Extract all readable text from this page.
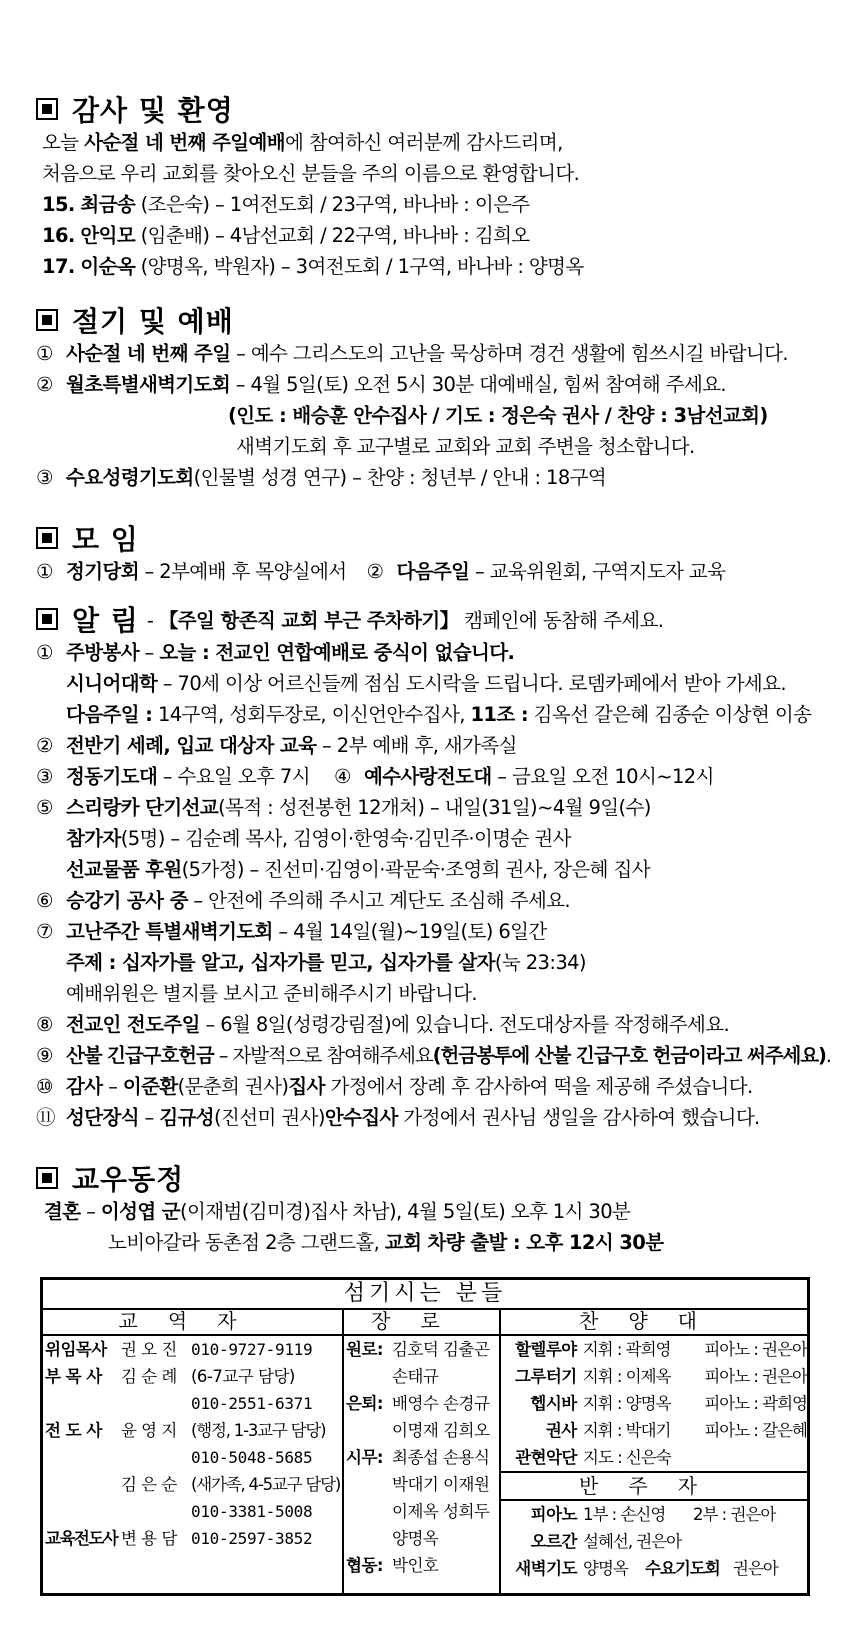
감사 및 환영
오늘 사순절 네 번째 주일예배에 참여하신 여러분께 감사드리며,
처음으로 우리 교회를 찾아오신 분들을 주의 이름으로 환영합니다.
15. 최금송 (조은숙) – 1여전도회 / 23구역, 바나바 : 이은주
16. 안익모 (임춘배) – 4남선교회 / 22구역, 바나바 : 김희오
17. 이순옥 (양명옥, 박원자) – 3여전도회 / 1구역, 바나바 : 양명옥
절기 및 예배
① 사순절 네 번째 주일 – 예수 그리스도의 고난을 묵상하며 경건 생활에 힘쓰시길 바랍니다.
② 월초특별새벽기도회 – 4월 5일(토) 오전 5시 30분 대예배실, 힘써 참여해 주세요.
(인도 : 배승훈 안수집사 / 기도 : 정은숙 권사 / 찬양 : 3남선교회)
새벽기도회 후 교구별로 교회와 교회 주변을 청소합니다.
③ 수요성령기도회(인물별 성경 연구) – 찬양 : 청년부 / 안내 : 18구역
모 임
① 정기당회 – 2부예배 후 목양실에서 ② 다음주일 – 교육위원회, 구역지도자 교육
알 림 - 【주일 항존직 교회 부근 주차하기】 캠페인에 동참해 주세요.
① 주방봉사 – 오늘 : 전교인 연합예배로 중식이 없습니다.
시니어대학 – 70세 이상 어르신들께 점심 도시락을 드립니다. 로뎀카페에서 받아 가세요.
다음주일 : 14구역, 성회두장로, 이신언안수집사, 11조 : 김옥선 갈은혜 김종순 이상현 이송
② 전반기 세례, 입교 대상자 교육 – 2부 예배 후, 새가족실
③ 정동기도대 – 수요일 오후 7시 ④ 예수사랑전도대 – 금요일 오전 10시~12시
⑤ 스리랑카 단기선교(목적 : 성전봉헌 12개처) – 내일(31일)~4월 9일(수)
참가자(5명) – 김순례 목사, 김영이·한영숙·김민주·이명순 권사
선교물품 후원(5가정) – 진선미·김영이·곽문숙·조영희 권사, 장은혜 집사
⑥ 승강기 공사 중 – 안전에 주의해 주시고 계단도 조심해 주세요.
⑦ 고난주간 특별새벽기도회 – 4월 14일(월)~19일(토) 6일간
주제 : 십자가를 알고, 십자가를 믿고, 십자가를 살자(눅 23:34)
예배위원은 별지를 보시고 준비해주시기 바랍니다.
⑧ 전교인 전도주일 – 6월 8일(성령강림절)에 있습니다. 전도대상자를 작정해주세요.
⑨ 산불 긴급구호헌금 – 자발적으로 참여해주세요(헌금봉투에 산불 긴급구호 헌금이라고 써주세요).
⑩ 감사 – 이준환(문춘희 권사)집사 가정에서 장례 후 감사하여 떡을 제공해 주셨습니다.
⑪ 성단장식 – 김규성(진선미 권사)안수집사 가정에서 권사님 생일을 감사하여 했습니다.
교우동정
결혼 – 이성엽 군(이재범(김미경)집사 차남), 4월 5일(토) 오후 1시 30분
노비아갈라 동촌점 2층 그랜드홀, 교회 차량 출발 : 오후 12시 30분
섬기시는 분들
교역자
위임목사 권 오 진 010-9727-9119
부 목 사	김 순 례 (6-7교구 담당)
010-2551-6371
전 도 사	윤 영 지 (행정, 1-3교구 담당)
010-5048-5685
김 은 순 (새가족, 4-5교구 담당)
010-3381-5008
교육전도사 변 용 담 010-2597-3852
장로
원로: 김호덕 김출곤
손태규
은퇴: 배영수 손경규
이명재 김희오
시무: 최종섭 손용식
박대기 이재원
이제옥 성희두
양명옥
협동: 박인호
찬양대
할렐루야 지휘 : 곽희영	피아노 : 권은아
그루터기 지휘 : 이제옥	피아노 : 권은아
헵시바 지휘 : 양명옥	피아노 : 곽희영
권사 지휘 : 박대기	피아노 : 갈은혜
관현악단 지도 : 신은숙
반주자
피아노 1부 : 손신영	2부 : 권은아
오르간 설혜선, 권은아
새벽기도 양명옥	수요기도회 권은아
